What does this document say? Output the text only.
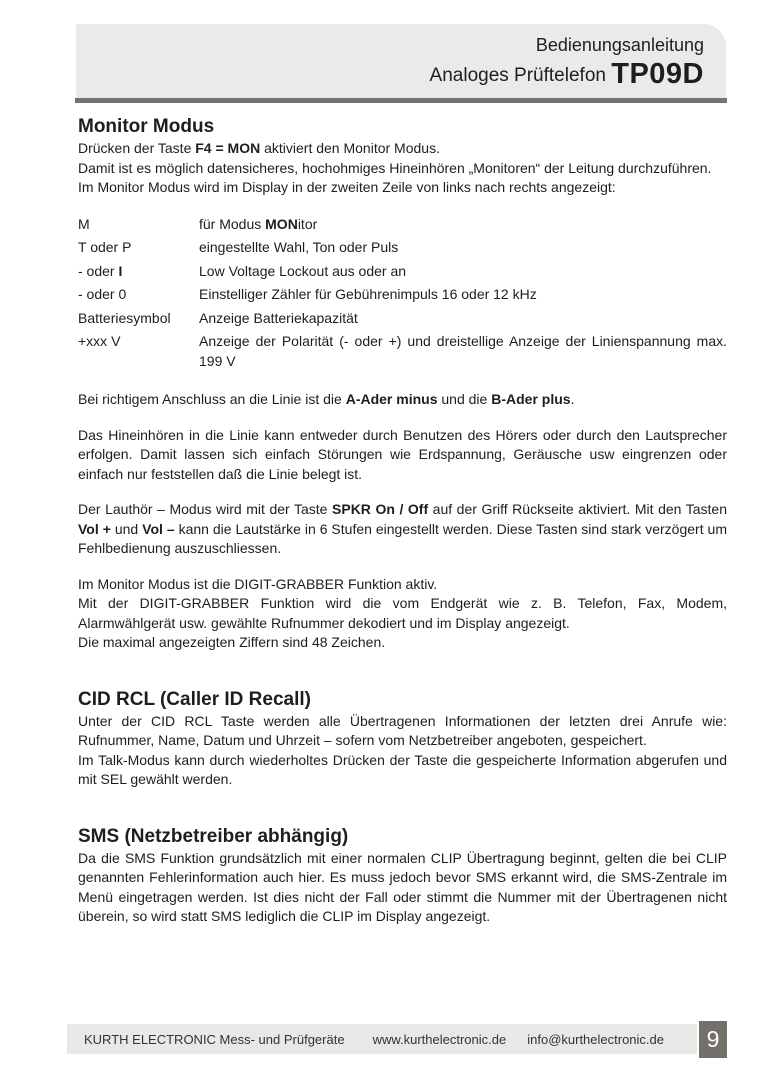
Bedienungsanleitung
Analoges Prüftelefon TP09D
Monitor Modus

Drücken der Taste F4 = MON aktiviert den Monitor Modus.

Damit ist es möglich datensicheres, hochohmiges Hineinhören „Monitoren“ der Leitung durchzuführen.

Im Monitor Modus wird im Display in der zweiten Zeile von links nach rechts angezeigt:

M	für Modus MONitor
T oder P	eingestellte Wahl, Ton oder Puls
- oder I	Low Voltage Lockout aus oder an
- oder 0	Einstelliger Zähler für Gebührenimpuls 16 oder 12 kHz
Batteriesymbol	Anzeige Batteriekapazität
+xxx V	Anzeige der Polarität (- oder +) und dreistellige Anzeige der Linienspannung max. 199 V

Bei richtigem Anschluss an die Linie ist die A-Ader minus und die B-Ader plus.

Das Hineinhören in die Linie kann entweder durch Benutzen des Hörers oder durch den Lautsprecher erfolgen. Damit lassen sich einfach Störungen wie Erdspannung, Geräusche usw eingrenzen oder einfach nur feststellen daß die Linie belegt ist.

Der Lauthör – Modus wird mit der Taste SPKR On / Off auf der Griff Rückseite aktiviert. Mit den Tasten Vol + und Vol – kann die Lautstärke in 6 Stufen eingestellt werden. Diese Tasten sind stark verzögert um Fehlbedienung auszuschliessen.

Im Monitor Modus ist die DIGIT-GRABBER Funktion aktiv.

Mit der DIGIT-GRABBER Funktion wird die vom Endgerät wie z. B. Telefon, Fax, Modem, Alarmwählgerät usw. gewählte Rufnummer dekodiert und im Display angezeigt.

Die maximal angezeigten Ziffern sind 48 Zeichen.

CID RCL (Caller ID Recall)

Unter der CID RCL Taste werden alle Übertragenen Informationen der letzten drei Anrufe wie: Rufnummer, Name, Datum und Uhrzeit – sofern vom Netzbetreiber angeboten, gespeichert.

Im Talk-Modus kann durch wiederholtes Drücken der Taste die gespeicherte Information abgerufen und mit SEL gewählt werden.

SMS (Netzbetreiber abhängig)

Da die SMS Funktion grundsätzlich mit einer normalen CLIP Übertragung beginnt, gelten die bei CLIP genannten Fehlerinformation auch hier. Es muss jedoch bevor SMS erkannt wird, die SMS-Zentrale im Menü eingetragen werden. Ist dies nicht der Fall oder stimmt die Nummer mit der Übertragenen nicht überein, so wird statt SMS lediglich die CLIP im Display angezeigt.

KURTH ELECTRONIC Mess- und Prüfgeräte www.kurthelectronic.de info@kurthelectronic.de	9
